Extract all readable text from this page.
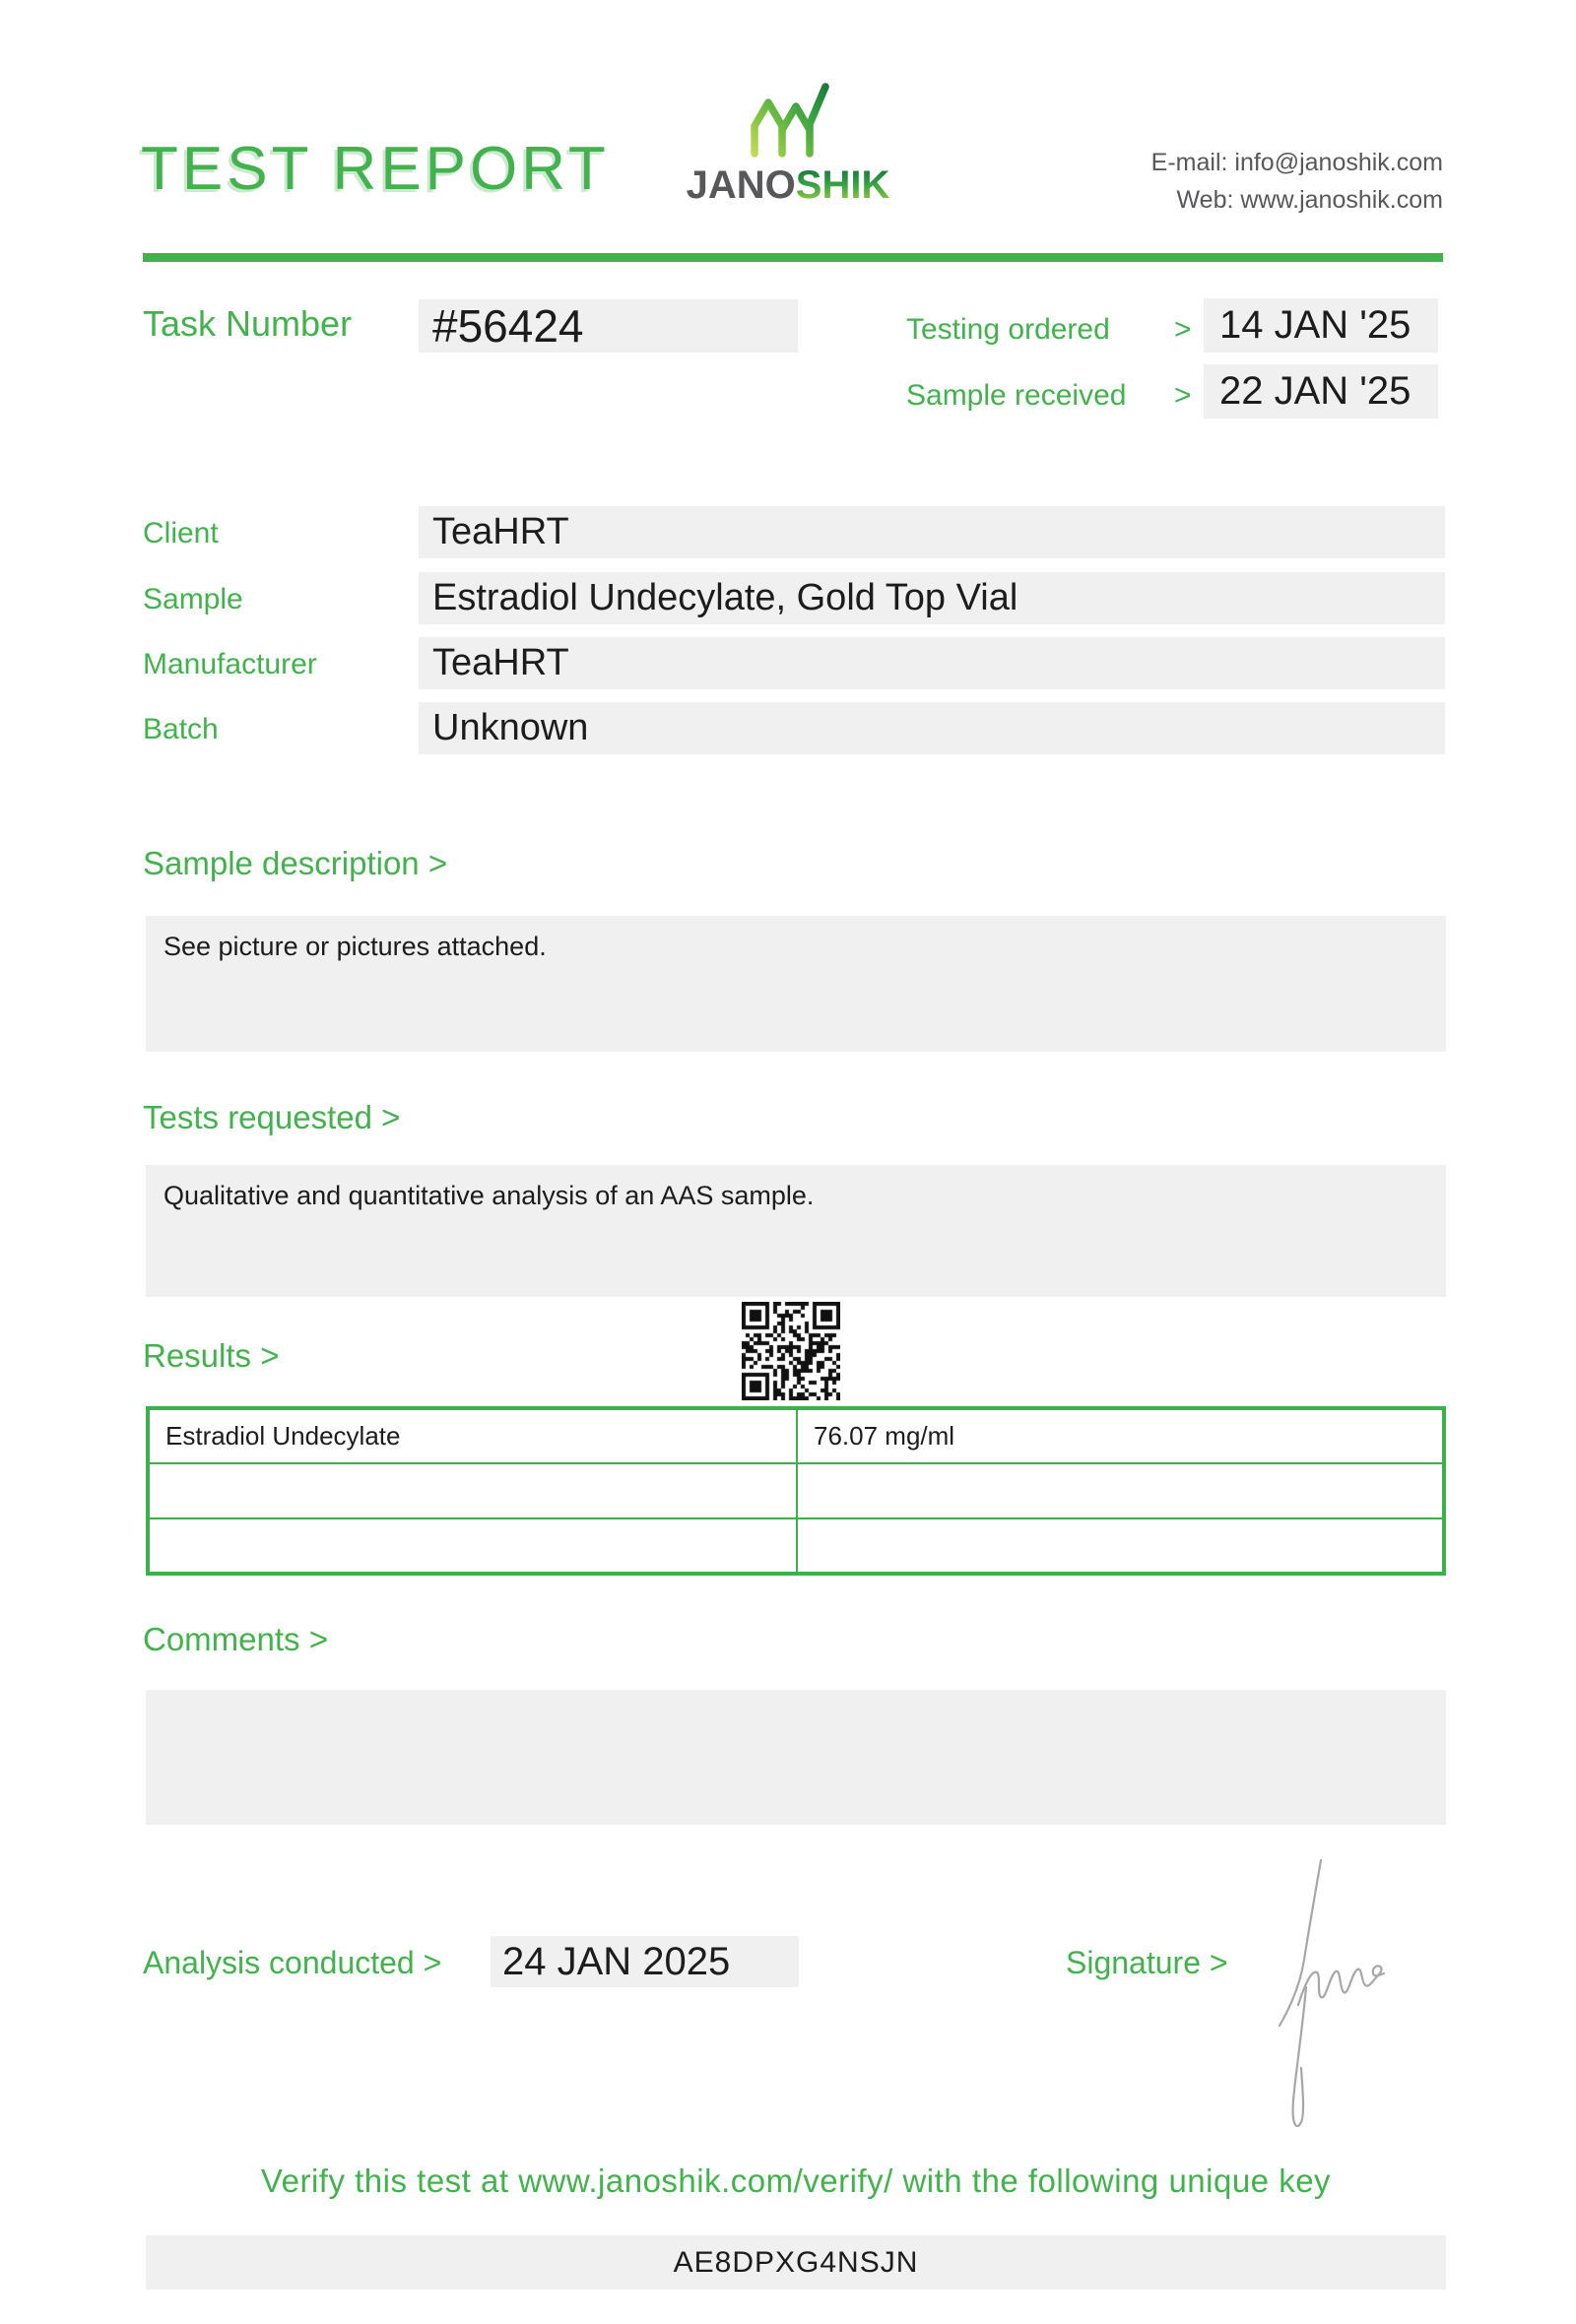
TEST REPORT	JANOSHIK
E-mail: info@janoshik.com
Web: www.janoshik.com
Task Number	#56424	Testing ordered > 14 JAN '25
Sample received > 22 JAN '25
Client	TeaHRT
Sample	Estradiol Undecylate, Gold Top Vial
Manufacturer	TeaHRT
Batch	Unknown
Sample description >
See picture or pictures attached.
Tests requested >
Qualitative and quantitative analysis of an AAS sample.
Results >
Estradiol Undecylate	76.07 mg/ml
Comments >
Analysis conducted >	24 JAN 2025	Signature >
Verify this test at www.janoshik.com/verify/ with the following unique key
AE8DPXG4NSJN
